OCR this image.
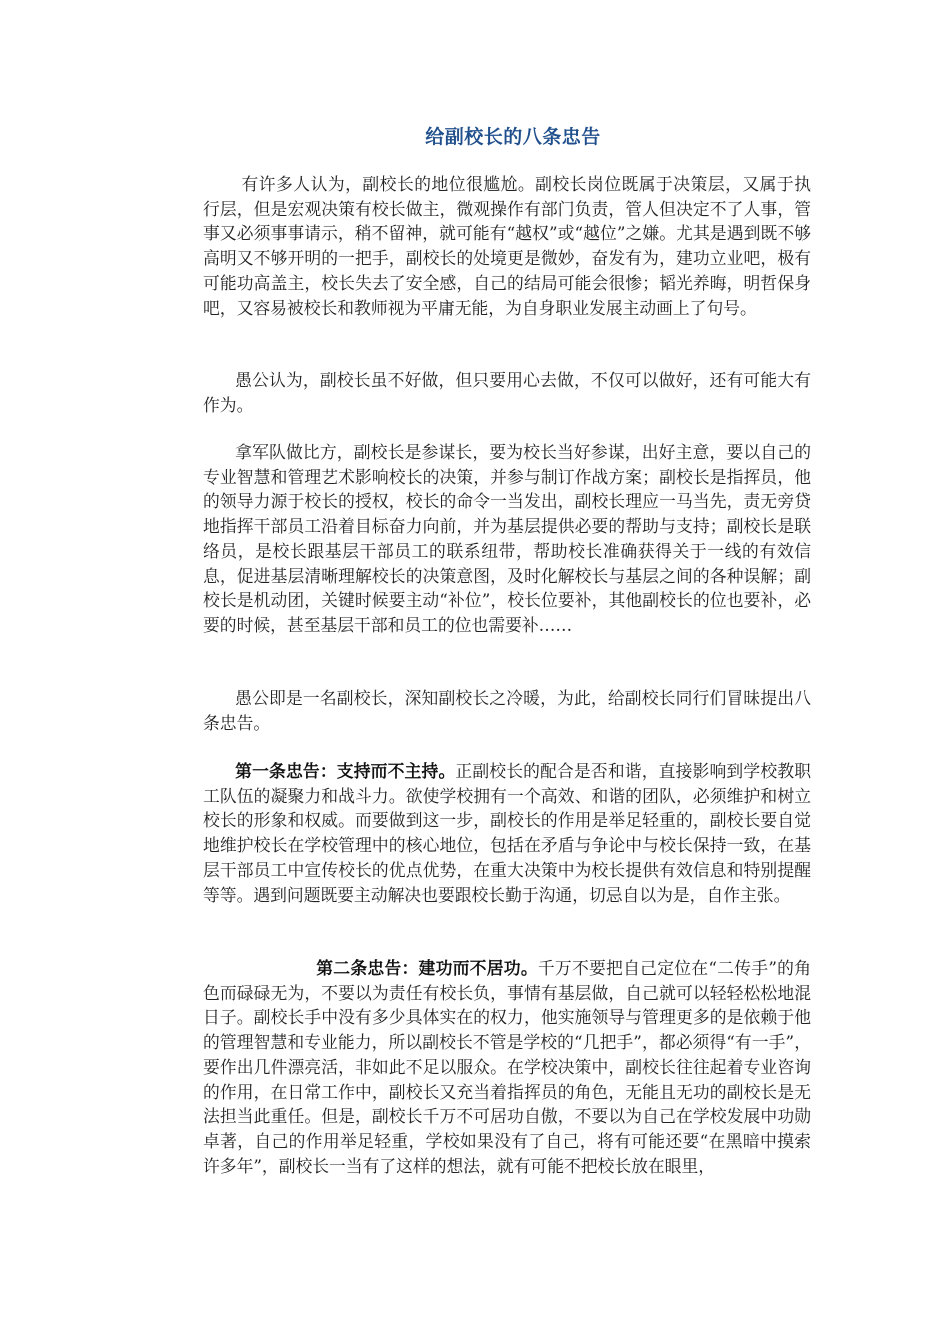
给副校长的八条忠告

有许多人认为，副校长的地位很尴尬。副校长岗位既属于决策层，又属于执行层，但是宏观决策有校长做主，微观操作有部门负责，管人但决定不了人事，管事又必须事事请示，稍不留神，就可能有“越权”或“越位”之嫌。尤其是遇到既不够高明又不够开明的一把手，副校长的处境更是微妙，奋发有为，建功立业吧，极有可能功高盖主，校长失去了安全感，自己的结局可能会很惨；韬光养晦，明哲保身吧，又容易被校长和教师视为平庸无能，为自身职业发展主动画上了句号。

愚公认为，副校长虽不好做，但只要用心去做，不仅可以做好，还有可能大有作为。

拿军队做比方，副校长是参谋长，要为校长当好参谋，出好主意，要以自己的专业智慧和管理艺术影响校长的决策，并参与制订作战方案；副校长是指挥员，他的领导力源于校长的授权，校长的命令一当发出，副校长理应一马当先，责无旁贷地指挥干部员工沿着目标奋力向前，并为基层提供必要的帮助与支持；副校长是联络员，是校长跟基层干部员工的联系纽带，帮助校长准确获得关于一线的有效信息，促进基层清晰理解校长的决策意图，及时化解校长与基层之间的各种误解；副校长是机动团，关键时候要主动“补位”，校长位要补，其他副校长的位也要补，必要的时候，甚至基层干部和员工的位也需要补……

愚公即是一名副校长，深知副校长之冷暖，为此，给副校长同行们冒昧提出八条忠告。

第一条忠告：支持而不主持。正副校长的配合是否和谐，直接影响到学校教职工队伍的凝聚力和战斗力。欲使学校拥有一个高效、和谐的团队，必须维护和树立校长的形象和权威。而要做到这一步，副校长的作用是举足轻重的，副校长要自觉地维护校长在学校管理中的核心地位，包括在矛盾与争论中与校长保持一致，在基层干部员工中宣传校长的优点优势，在重大决策中为校长提供有效信息和特别提醒等等。遇到问题既要主动解决也要跟校长勤于沟通，切忌自以为是，自作主张。

第二条忠告：建功而不居功。千万不要把自己定位在“二传手”的角色而碌碌无为，不要以为责任有校长负，事情有基层做，自己就可以轻轻松松地混日子。副校长手中没有多少具体实在的权力，他实施领导与管理更多的是依赖于他的管理智慧和专业能力，所以副校长不管是学校的“几把手”，都必须得“有一手”，要作出几件漂亮活，非如此不足以服众。在学校决策中，副校长往往起着专业咨询的作用，在日常工作中，副校长又充当着指挥员的角色，无能且无功的副校长是无法担当此重任。但是，副校长千万不可居功自傲，不要以为自己在学校发展中功勋卓著，自己的作用举足轻重，学校如果没有了自己，将有可能还要“在黑暗中摸索许多年”，副校长一当有了这样的想法，就有可能不把校长放在眼里，
